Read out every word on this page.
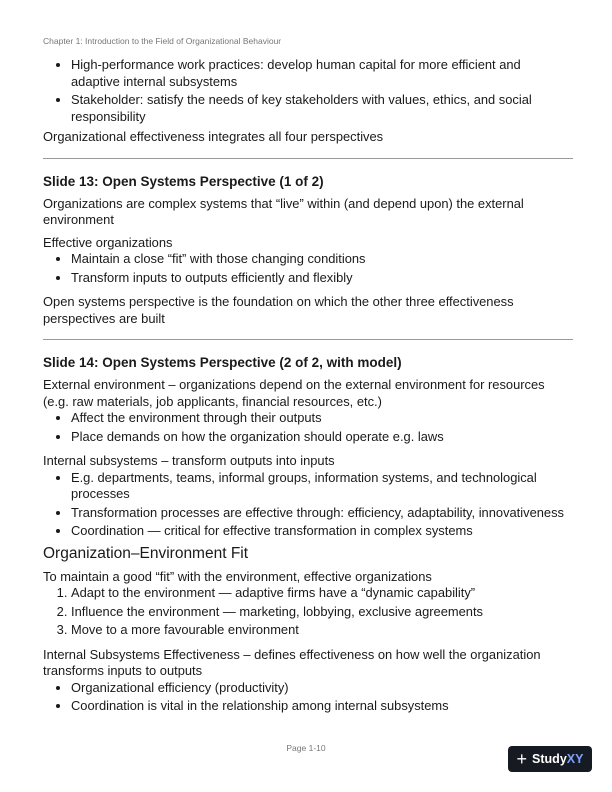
Chapter 1: Introduction to the Field of Organizational Behaviour
• High-performance work practices: develop human capital for more efficient and adaptive internal subsystems
• Stakeholder: satisfy the needs of key stakeholders with values, ethics, and social responsibility

Organizational effectiveness integrates all four perspectives

Slide 13: Open Systems Perspective (1 of 2)

Organizations are complex systems that “live” within (and depend upon) the external environment

Effective organizations

• Maintain a close “fit” with those changing conditions
• Transform inputs to outputs efficiently and flexibly

Open systems perspective is the foundation on which the other three effectiveness perspectives are built

Slide 14: Open Systems Perspective (2 of 2, with model)

External environment – organizations depend on the external environment for resources (e.g. raw materials, job applicants, financial resources, etc.)

• Affect the environment through their outputs
• Place demands on how the organization should operate e.g. laws

Internal subsystems – transform outputs into inputs

• E.g. departments, teams, informal groups, information systems, and technological processes
• Transformation processes are effective through: efficiency, adaptability, innovativeness
• Coordination — critical for effective transformation in complex systems
Organization–Environment Fit

To maintain a good “fit” with the environment, effective organizations

1. Adapt to the environment — adaptive firms have a “dynamic capability”
2. Influence the environment — marketing, lobbying, exclusive agreements
3. Move to a more favourable environment

Internal Subsystems Effectiveness – defines effectiveness on how well the organization transforms inputs to outputs

• Organizational efficiency (productivity)
• Coordination is vital in the relationship among internal subsystems
Page 1-10
+ Study XY
